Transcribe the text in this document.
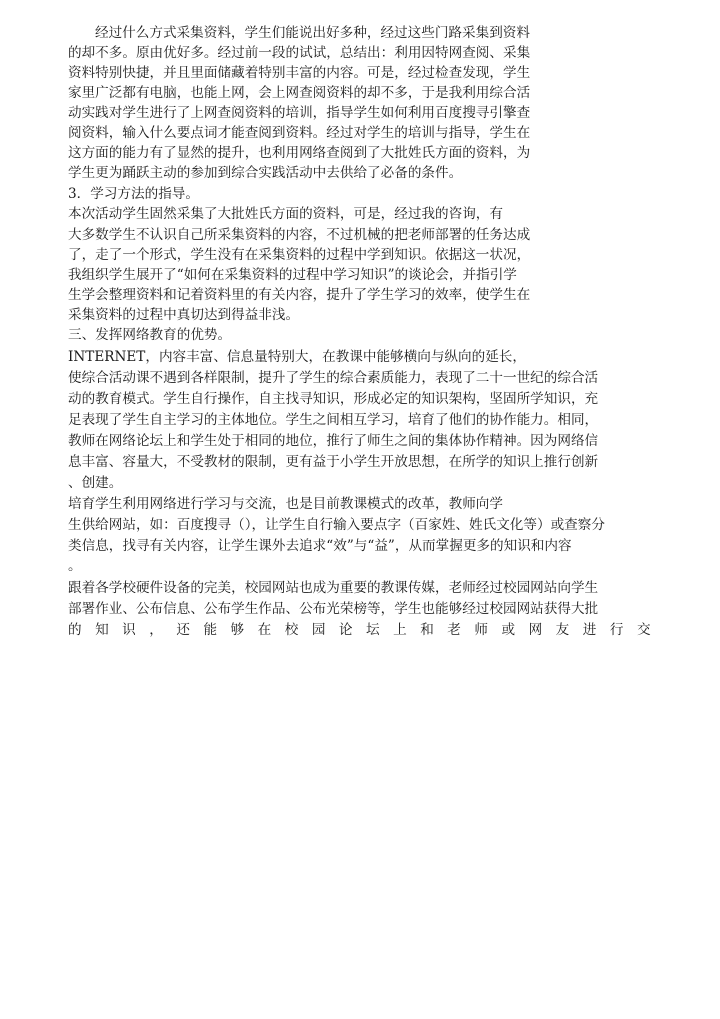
经过什么方式采集资料，学生们能说出好多种，经过这些门路采集到资料
的却不多。原由优好多。经过前一段的试试，总结出：利用因特网查阅、采集
资料特别快捷，并且里面储藏着特别丰富的内容。可是，经过检查发现，学生
家里广泛都有电脑，也能上网，会上网查阅资料的却不多，于是我利用综合活
动实践对学生进行了上网查阅资料的培训，指导学生如何利用百度搜寻引擎查
阅资料，输入什么要点词才能查阅到资料。经过对学生的培训与指导，学生在
这方面的能力有了显然的提升，也利用网络查阅到了大批姓氏方面的资料，为
学生更为踊跃主动的参加到综合实践活动中去供给了必备的条件。
3．学习方法的指导。
本次活动学生固然采集了大批姓氏方面的资料，可是，经过我的咨询，有
大多数学生不认识自己所采集资料的内容，不过机械的把老师部署的任务达成
了，走了一个形式，学生没有在采集资料的过程中学到知识。依据这一状况，
我组织学生展开了“如何在采集资料的过程中学习知识”的谈论会，并指引学
生学会整理资料和记着资料里的有关内容，提升了学生学习的效率，使学生在
采集资料的过程中真切达到得益非浅。
三、发挥网络教育的优势。
INTERNET，内容丰富、信息量特别大，在教课中能够横向与纵向的延长，
使综合活动课不遇到各样限制，提升了学生的综合素质能力，表现了二十一世纪的综合活
动的教育模式。学生自行操作，自主找寻知识，形成必定的知识架构，坚固所学知识，充
足表现了学生自主学习的主体地位。学生之间相互学习，培育了他们的协作能力。相同，
教师在网络论坛上和学生处于相同的地位，推行了师生之间的集体协作精神。因为网络信
息丰富、容量大，不受教材的限制，更有益于小学生开放思想，在所学的知识上推行创新
、创建。
培育学生利用网络进行学习与交流，也是目前教课模式的改革，教师向学
生供给网站，如：百度搜寻（），让学生自行输入要点字（百家姓、姓氏文化等）或查察分
类信息，找寻有关内容，让学生课外去追求“效”与“益”，从而掌握更多的知识和内容
。
跟着各学校硬件设备的完美，校园网站也成为重要的教课传媒，老师经过校园网站向学生
部署作业、公布信息、公布学生作品、公布光荣榜等，学生也能够经过校园网站获得大批
的知识，还能够在校园论坛上和老师或网友进行交
